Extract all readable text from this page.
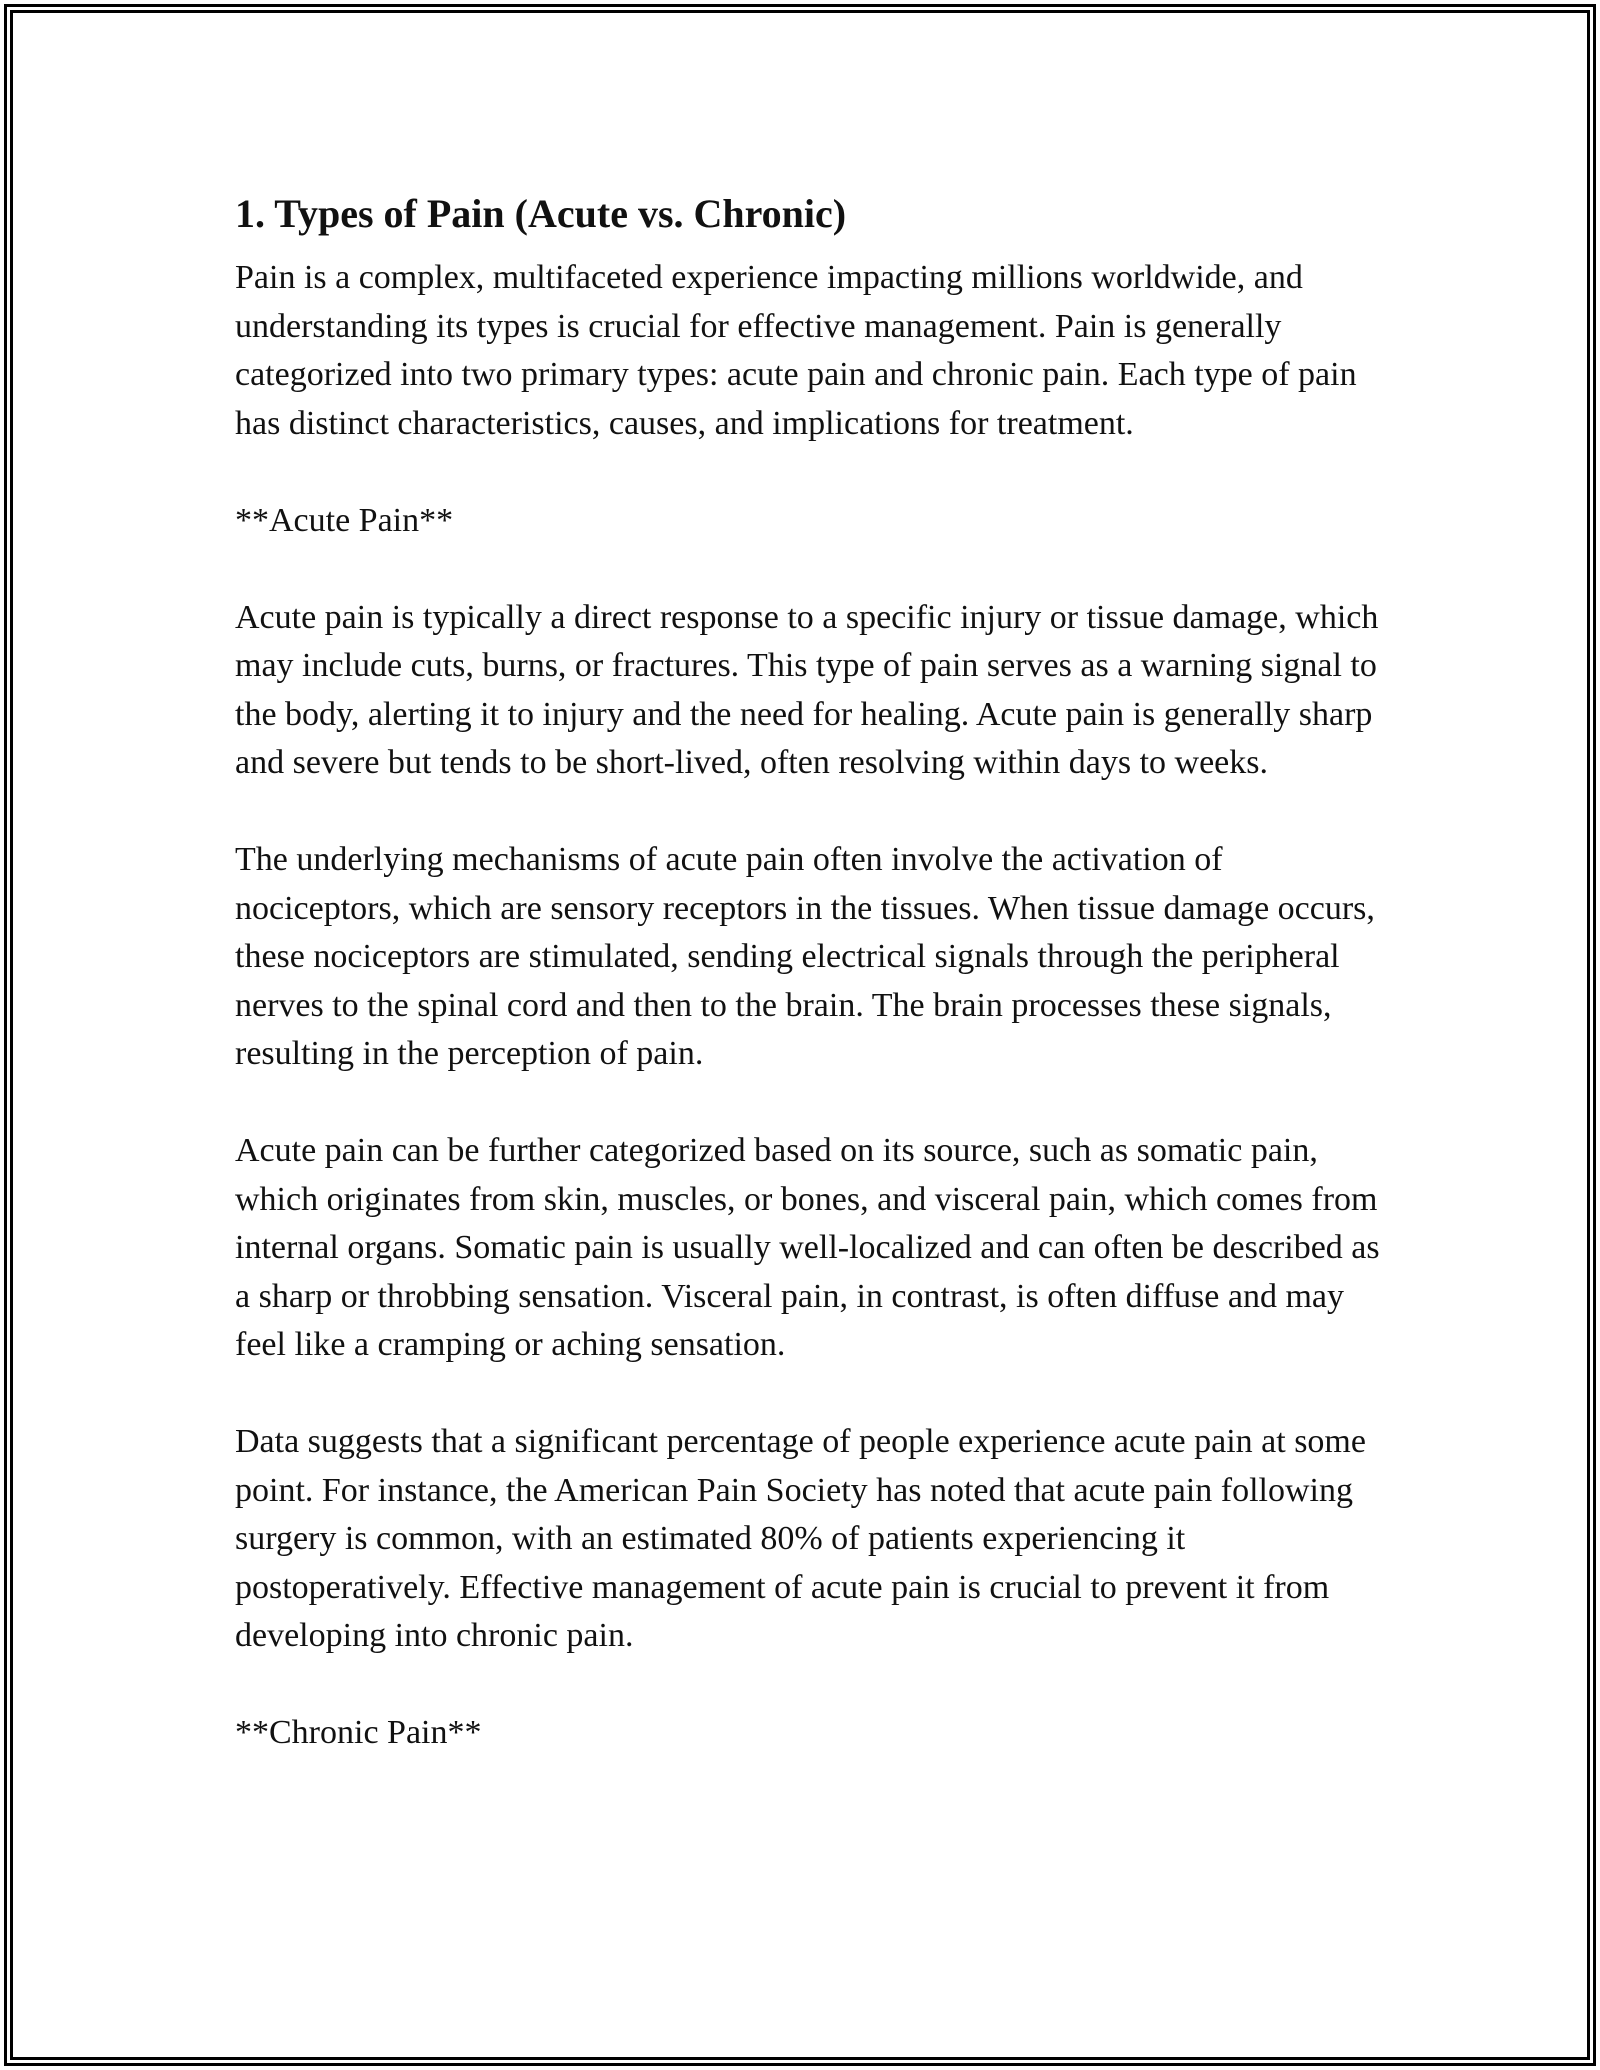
1. Types of Pain (Acute vs. Chronic)

Pain is a complex, multifaceted experience impacting millions worldwide, and understanding its types is crucial for effective management. Pain is generally categorized into two primary types: acute pain and chronic pain. Each type of pain has distinct characteristics, causes, and implications for treatment.

**Acute Pain**

Acute pain is typically a direct response to a specific injury or tissue damage, which may include cuts, burns, or fractures. This type of pain serves as a warning signal to the body, alerting it to injury and the need for healing. Acute pain is generally sharp and severe but tends to be short-lived, often resolving within days to weeks.

The underlying mechanisms of acute pain often involve the activation of nociceptors, which are sensory receptors in the tissues. When tissue damage occurs, these nociceptors are stimulated, sending electrical signals through the peripheral nerves to the spinal cord and then to the brain. The brain processes these signals, resulting in the perception of pain.

Acute pain can be further categorized based on its source, such as somatic pain, which originates from skin, muscles, or bones, and visceral pain, which comes from internal organs. Somatic pain is usually well-localized and can often be described as a sharp or throbbing sensation. Visceral pain, in contrast, is often diffuse and may feel like a cramping or aching sensation.

Data suggests that a significant percentage of people experience acute pain at some point. For instance, the American Pain Society has noted that acute pain following surgery is common, with an estimated 80% of patients experiencing it postoperatively. Effective management of acute pain is crucial to prevent it from developing into chronic pain.

**Chronic Pain**
